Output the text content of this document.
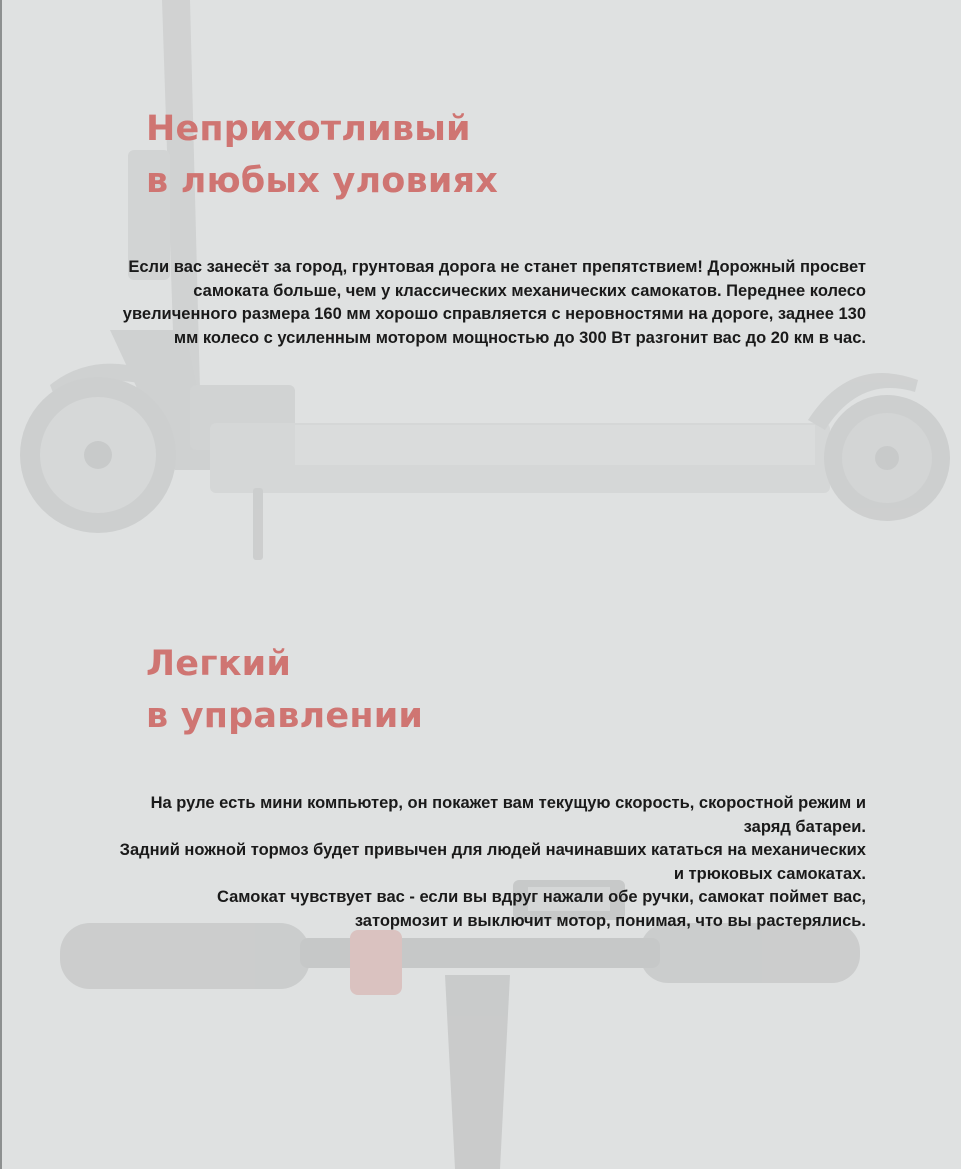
Неприхотливый
в любых уловиях

Если вас занесёт за город, грунтовая дорога не станет препятствием! Дорожный просвет
самоката больше, чем у классических механических самокатов. Переднее колесо
увеличенного размера 160 мм хорошо справляется с неровностями на дороге, заднее 130
мм колесо с усиленным мотором мощностью до 300 Вт разгонит вас до 20 км в час.

Легкий
в управлении

На руле есть мини компьютер, он покажет вам текущую скорость, скоростной режим и
заряд батареи.
Задний ножной тормоз будет привычен для людей начинавших кататься на механических
и трюковых самокатах.
Самокат чувствует вас - если вы вдруг нажали обе ручки, самокат поймет вас,
затормозит и выключит мотор, понимая, что вы растерялись.
